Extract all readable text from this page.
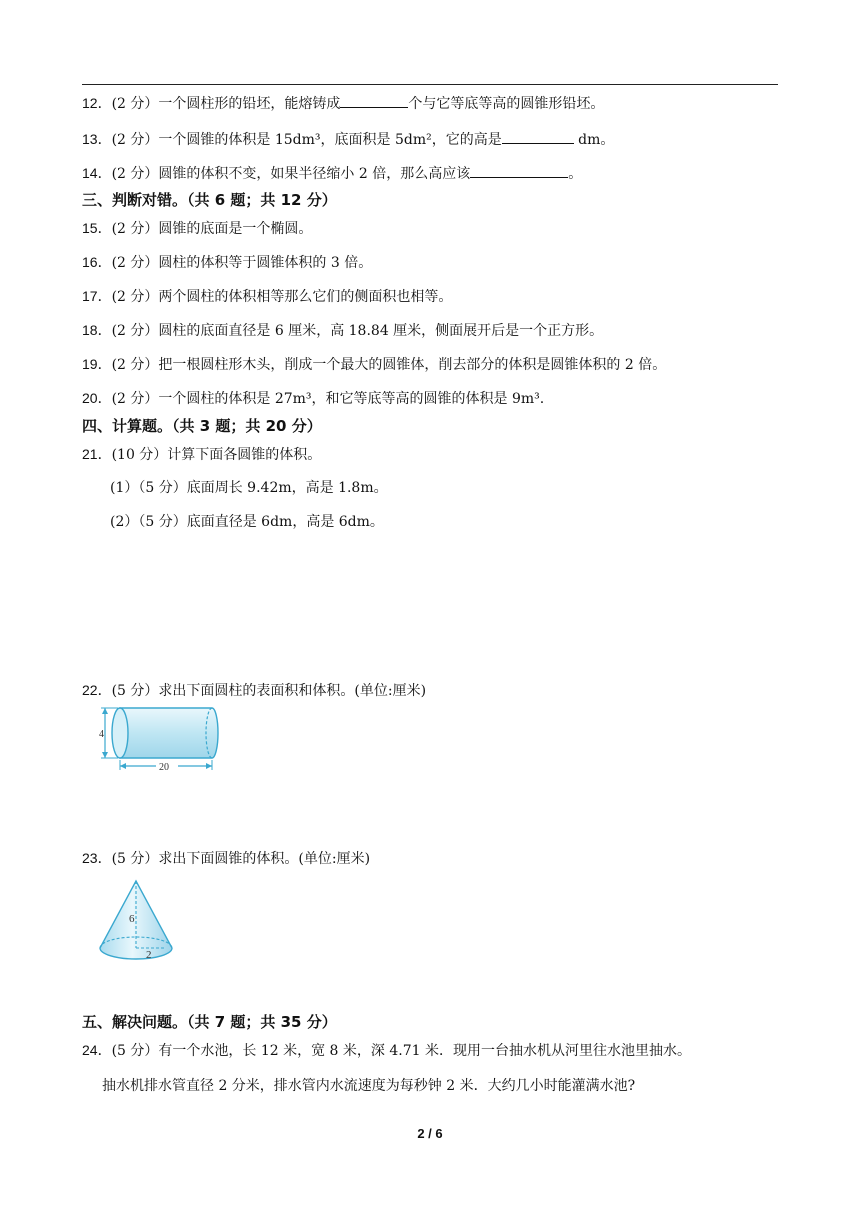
12．(2 分）一个圆柱形的铅坯，能熔铸成	个与它等底等高的圆锥形铅坯。
13．(2 分）一个圆锥的体积是 15dm³，底面积是 5dm²，它的高是	dm。
14．(2 分）圆锥的体积不变，如果半径缩小 2 倍，那么高应该	。
三、判断对错。（共 6 题；共 12 分）
15．(2 分）圆锥的底面是一个椭圆。
16．(2 分）圆柱的体积等于圆锥体积的 3 倍。
17．(2 分）两个圆柱的体积相等那么它们的侧面积也相等。
18．(2 分）圆柱的底面直径是 6 厘米，高 18.84 厘米，侧面展开后是一个正方形。
19．(2 分）把一根圆柱形木头，削成一个最大的圆锥体，削去部分的体积是圆锥体积的 2 倍。
20．(2 分）一个圆柱的体积是 27m³，和它等底等高的圆锥的体积是 9m³.
四、计算题。（共 3 题；共 20 分）
21．(10 分）计算下面各圆锥的体积。
(1）（5 分）底面周长 9.42m，高是 1.8m。
(2）（5 分）底面直径是 6dm，高是 6dm。
22．(5 分）求出下面圆柱的表面积和体积。(单位:厘米)
4
20
23．(5 分）求出下面圆锥的体积。(单位:厘米)
6
2
五、解决问题。（共 7 题；共 35 分）
24．(5 分）有一个水池，长 12 米，宽 8 米，深 4.71 米．现用一台抽水机从河里往水池里抽水。
抽水机排水管直径 2 分米，排水管内水流速度为每秒钟 2 米．大约几小时能灌满水池?
2 / 6
